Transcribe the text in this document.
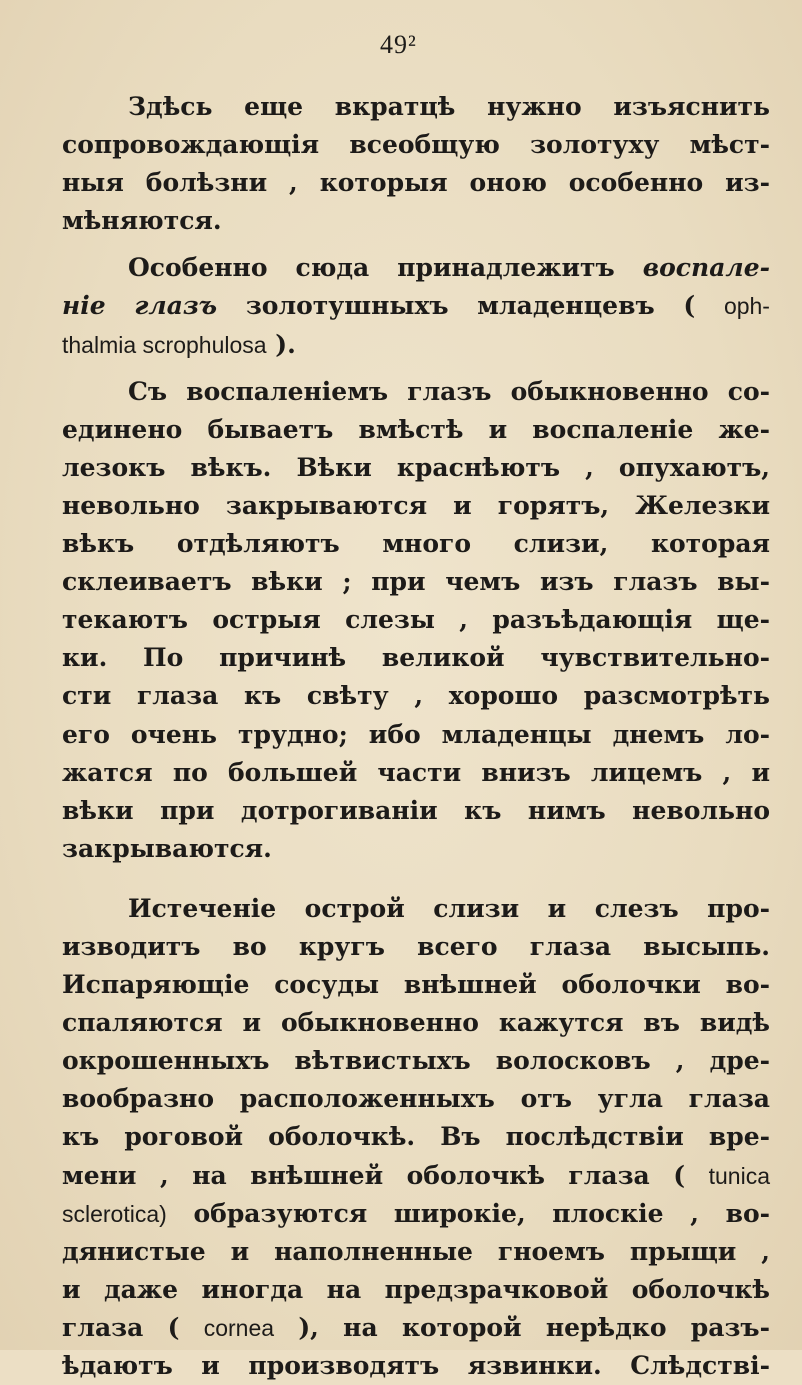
49²
Здѣсь еще вкратцѣ нужно изъяснить
сопровождающія всеобщую золотуху мѣст-
ныя болѣзни , которыя оною особенно из-
мѣняются.
Особенно сюда принадлежитъ воспале-
ніе глазъ золотушныхъ младенцевъ ( oph-
thalmia scrophulosa ).
Съ воспаленіемъ глазъ обыкновенно со-
единено бываетъ вмѣстѣ и воспаленіе же-
лезокъ вѣкъ. Вѣки краснѣютъ , опухаютъ,
невольно закрываются и горятъ, Железки
вѣкъ отдѣляютъ много слизи, которая
склеиваетъ вѣки ; при чемъ изъ глазъ вы-
текаютъ острыя слезы , разъѣдающія ще-
ки. По причинѣ великой чувствительно-
сти глаза къ свѣту , хорошо разсмотрѣть
его очень трудно; ибо младенцы днемъ ло-
жатся по большей части внизъ лицемъ , и
вѣки при дотрогиваніи къ нимъ невольно
закрываются.
Истеченіе острой слизи и слезъ про-
изводитъ во кругъ всего глаза высыпь.
Испаряющіе сосуды внѣшней оболочки во-
спаляются и обыкновенно кажутся въ видѣ
окрошенныхъ вѣтвистыхъ волосковъ , дре-
вообразно расположенныхъ отъ угла глаза
къ роговой оболочкѣ. Въ послѣдствіи вре-
мени , на внѣшней оболочкѣ глаза ( tunica
sclerotica) образуются широкіе, плоскіе , во-
дянистые и наполненные гноемъ прыщи ,
и даже иногда на предзрачковой оболочкѣ
глаза ( cornea ), на которой нерѣдко разъ-
ѣдаютъ и производятъ язвинки. Слѣдствi-
